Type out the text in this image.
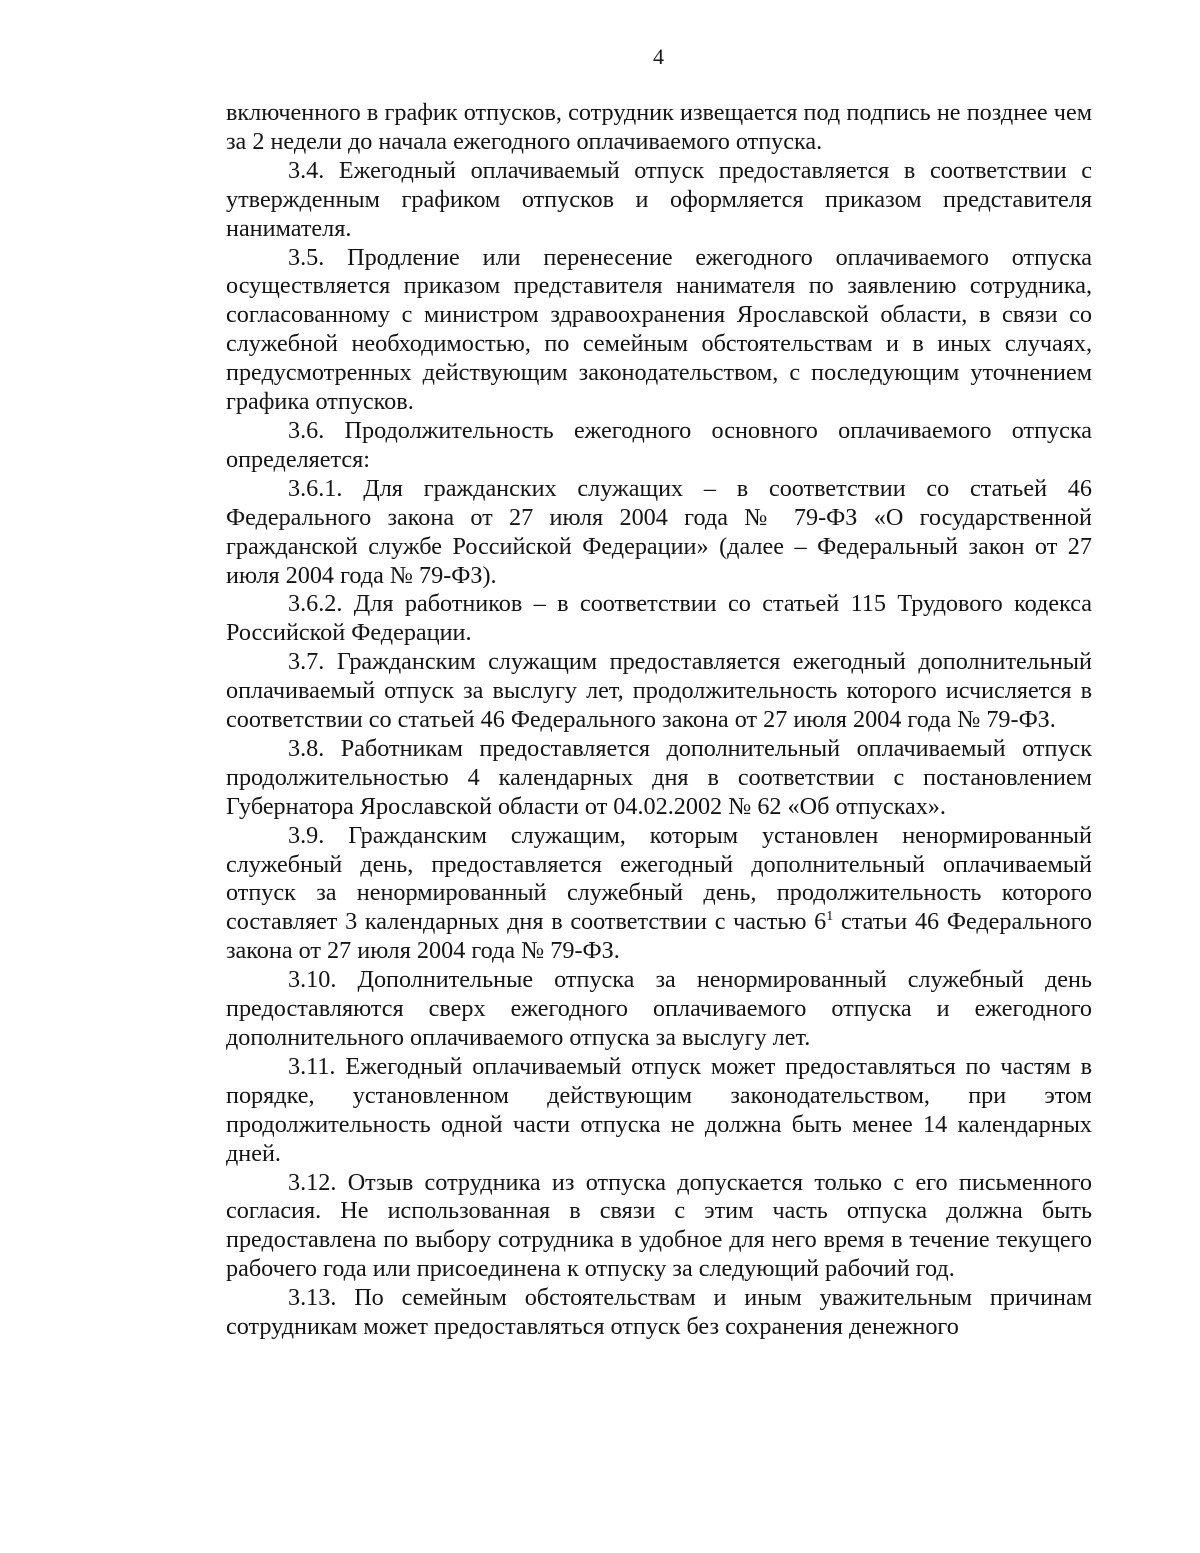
4

включенного в график отпусков, сотрудник извещается под подпись не позднее чем за 2 недели до начала ежегодного оплачиваемого отпуска.

3.4. Ежегодный оплачиваемый отпуск предоставляется в соответствии с утвержденным графиком отпусков и оформляется приказом представителя нанимателя.

3.5. Продление или перенесение ежегодного оплачиваемого отпуска осуществляется приказом представителя нанимателя по заявлению сотрудника, согласованному с министром здравоохранения Ярославской области, в связи со служебной необходимостью, по семейным обстоятельствам и в иных случаях, предусмотренных действующим законодательством, с последующим уточнением графика отпусков.

3.6. Продолжительность ежегодного основного оплачиваемого отпуска определяется:

3.6.1. Для гражданских служащих – в соответствии со статьей 46 Федерального закона от 27 июля 2004 года № 79-ФЗ «О государственной гражданской службе Российской Федерации» (далее – Федеральный закон от 27 июля 2004 года № 79-ФЗ).

3.6.2. Для работников – в соответствии со статьей 115 Трудового кодекса Российской Федерации.

3.7. Гражданским служащим предоставляется ежегодный дополнительный оплачиваемый отпуск за выслугу лет, продолжительность которого исчисляется в соответствии со статьей 46 Федерального закона от 27 июля 2004 года № 79-ФЗ.

3.8. Работникам предоставляется дополнительный оплачиваемый отпуск продолжительностью 4 календарных дня в соответствии с постановлением Губернатора Ярославской области от 04.02.2002 № 62 «Об отпусках».

3.9. Гражданским служащим, которым установлен ненормированный служебный день, предоставляется ежегодный дополнительный оплачиваемый отпуск за ненормированный служебный день, продолжительность которого составляет 3 календарных дня в соответствии с частью $6^1$ статьи 46 Федерального закона от 27 июля 2004 года № 79-ФЗ.

3.10. Дополнительные отпуска за ненормированный служебный день предоставляются сверх ежегодного оплачиваемого отпуска и ежегодного дополнительного оплачиваемого отпуска за выслугу лет.

3.11. Ежегодный оплачиваемый отпуск может предоставляться по частям в порядке, установленном действующим законодательством, при этом продолжительность одной части отпуска не должна быть менее 14 календарных дней.

3.12. Отзыв сотрудника из отпуска допускается только с его письменного согласия. Не использованная в связи с этим часть отпуска должна быть предоставлена по выбору сотрудника в удобное для него время в течение текущего рабочего года или присоединена к отпуску за следующий рабочий год.

3.13. По семейным обстоятельствам и иным уважительным причинам сотрудникам может предоставляться отпуск без сохранения денежного
